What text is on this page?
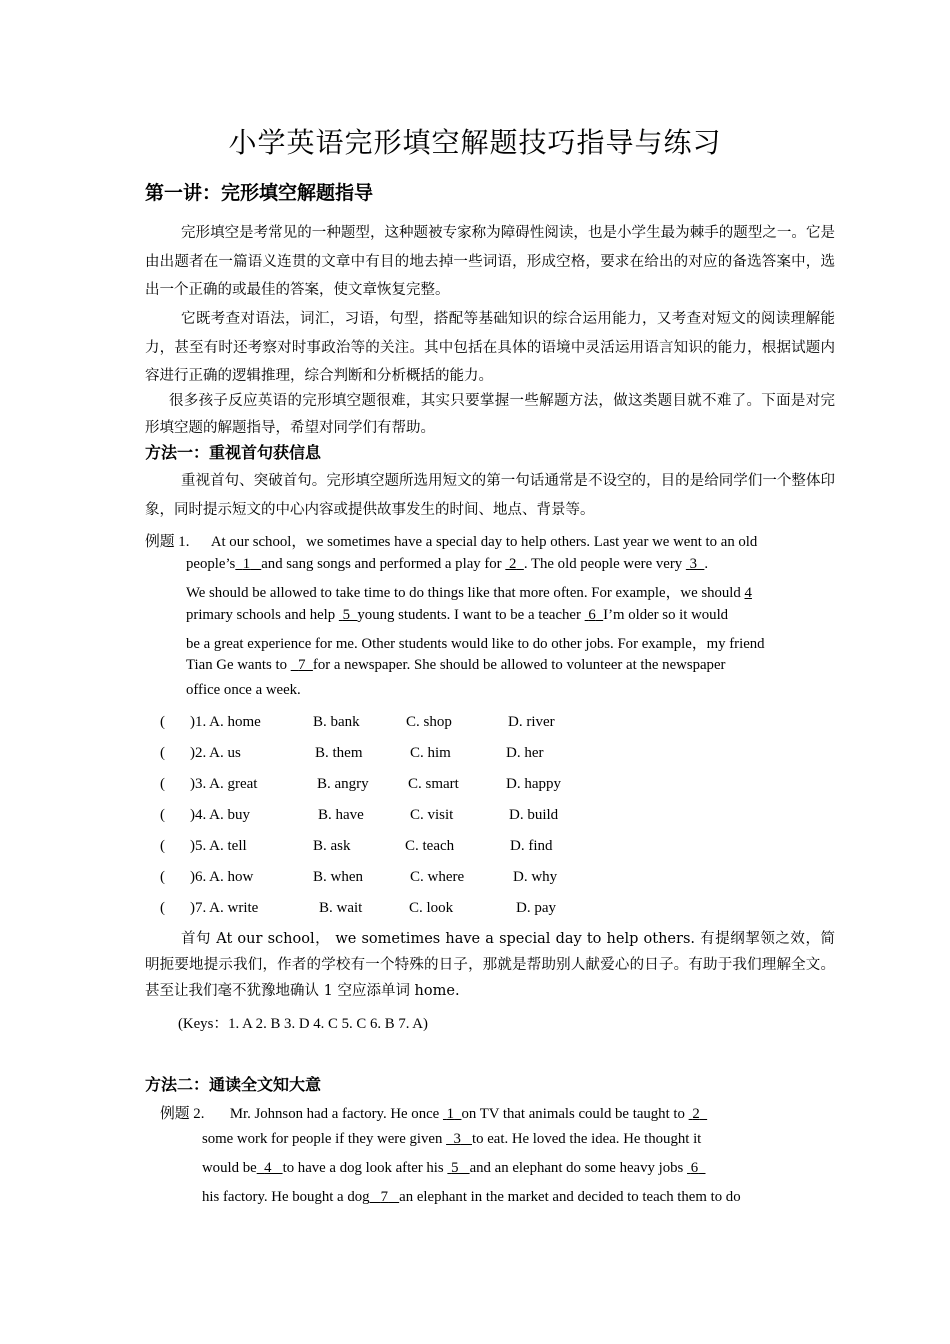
小学英语完形填空解题技巧指导与练习
第一讲：完形填空解题指导
完形填空是考常见的一种题型，这种题被专家称为障碍性阅读，也是小学生最为棘手的题型之一。它是由出题者在一篇语义连贯的文章中有目的地去掉一些词语，形成空格，要求在给出的对应的备选答案中，选出一个正确的或最佳的答案，使文章恢复完整。
它既考查对语法，词汇，习语，句型，搭配等基础知识的综合运用能力，又考查对短文的阅读理解能力，甚至有时还考察对时事政治等的关注。其中包括在具体的语境中灵活运用语言知识的能力，根据试题内容进行正确的逻辑推理，综合判断和分析概括的能力。
很多孩子反应英语的完形填空题很难，其实只要掌握一些解题方法，做这类题目就不难了。下面是对完形填空题的解题指导，希望对同学们有帮助。
方法一：重视首句获信息
重视首句、突破首句。完形填空题所选用短文的第一句话通常是不设空的，目的是给同学们一个整体印象，同时提示短文的中心内容或提供故事发生的时间、地点、背景等。
例题 1. At our school，we sometimes have a special day to help others. Last year we went to an old
people’s 1 and sang songs and performed a play for 2 . The old people were very 3 .
We should be allowed to take time to do things like that more often. For example，we should 4
primary schools and help 5 young students. I want to be a teacher 6 I’m older so it would
be a great experience for me. Other students would like to do other jobs. For example，my friend
Tian Ge wants to 7 for a newspaper. She should be allowed to volunteer at the newspaper
office once a week.
( )1. A. home	B. bank	C. shop	D. river
( )2. A. us	B. them	C. him	D. her
( )3. A. great	B. angry	C. smart	D. happy
( )4. A. buy	B. have	C. visit	D. build
( )5. A. tell	B. ask	C. teach	D. find
( )6. A. how	B. when	C. where	D. why
( )7. A. write	B. wait	C. look	D. pay
首句 At our school， we sometimes have a special day to help others. 有提纲挈领之效，简明扼要地提示我们，作者的学校有一个特殊的日子，那就是帮助别人献爱心的日子。有助于我们理解全文。甚至让我们毫不犹豫地确认 1 空应添单词 home.
(Keys：1. A 2. B 3. D 4. C 5. C 6. B 7. A)
方法二：通读全文知大意
例题 2. Mr. Johnson had a factory. He once 1 on TV that animals could be taught to 2
some work for people if they were given 3 to eat. He loved the idea. He thought it
would be 4 to have a dog look after his 5 and an elephant do some heavy jobs 6
his factory. He bought a dog 7 an elephant in the market and decided to teach them to do
